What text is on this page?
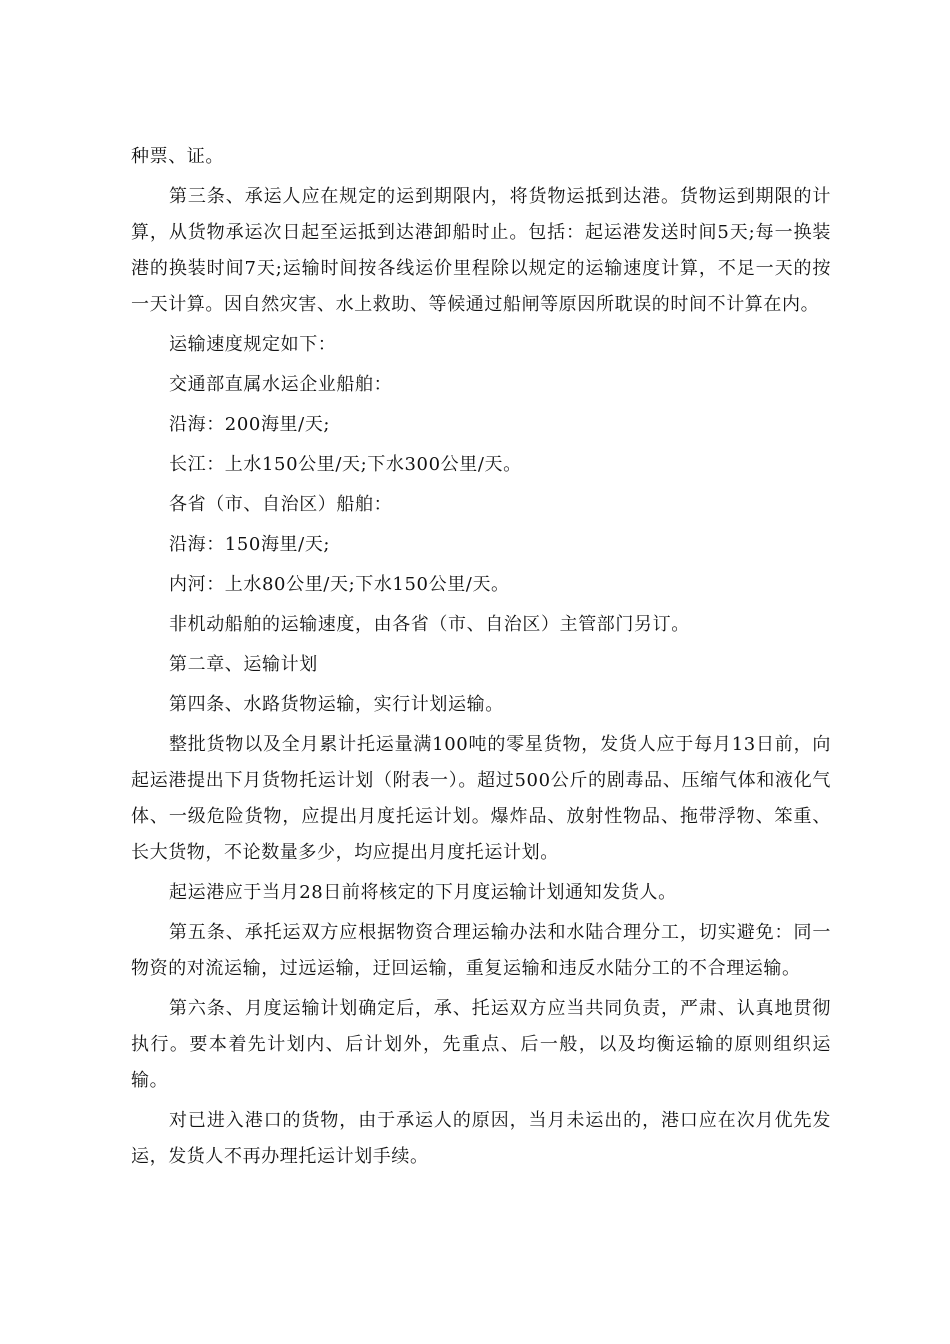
种票、证。

第三条、承运人应在规定的运到期限内，将货物运抵到达港。货物运到期限的计算，从货物承运次日起至运抵到达港卸船时止。包括：起运港发送时间5天;每一换装港的换装时间7天;运输时间按各线运价里程除以规定的运输速度计算，不足一天的按一天计算。因自然灾害、水上救助、等候通过船闸等原因所耽误的时间不计算在内。

运输速度规定如下：

交通部直属水运企业船舶：

沿海：200海里/天;

长江：上水150公里/天;下水300公里/天。

各省（市、自治区）船舶：

沿海：150海里/天;

内河：上水80公里/天;下水150公里/天。

非机动船舶的运输速度，由各省（市、自治区）主管部门另订。

第二章、运输计划

第四条、水路货物运输，实行计划运输。

整批货物以及全月累计托运量满100吨的零星货物，发货人应于每月13日前，向起运港提出下月货物托运计划（附表一）。超过500公斤的剧毒品、压缩气体和液化气体、一级危险货物，应提出月度托运计划。爆炸品、放射性物品、拖带浮物、笨重、长大货物，不论数量多少，均应提出月度托运计划。

起运港应于当月28日前将核定的下月度运输计划通知发货人。

第五条、承托运双方应根据物资合理运输办法和水陆合理分工，切实避免：同一物资的对流运输，过远运输，迂回运输，重复运输和违反水陆分工的不合理运输。

第六条、月度运输计划确定后，承、托运双方应当共同负责，严肃、认真地贯彻执行。要本着先计划内、后计划外，先重点、后一般，以及均衡运输的原则组织运输。

对已进入港口的货物，由于承运人的原因，当月未运出的，港口应在次月优先发运，发货人不再办理托运计划手续。
